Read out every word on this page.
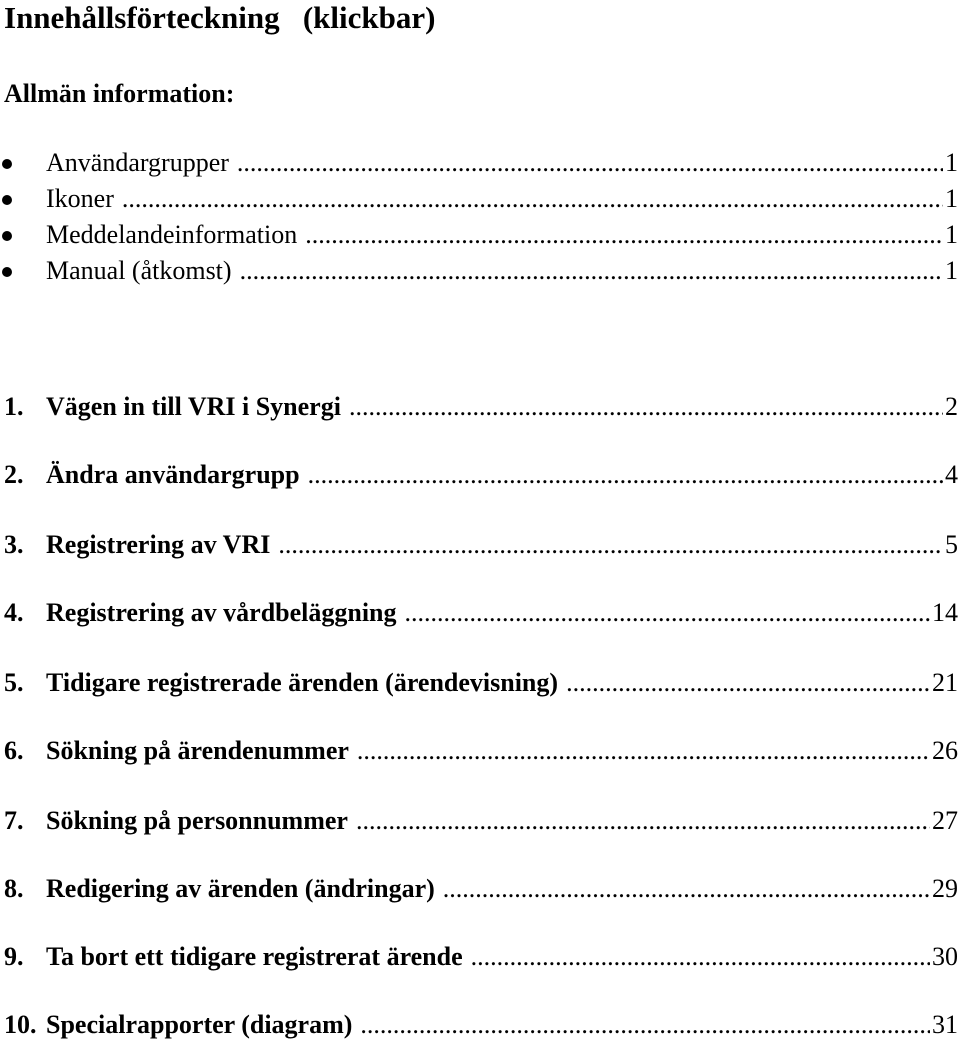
Innehållsförteckning   (klickbar)
Allmän information:
Användargrupper .....	1
Ikoner .....	1
Meddelandeinformation .....	1
Manual (åtkomst) .....	1
1. Vägen in till VRI i Synergi .....	2
2. Ändra användargrupp .....	4
3. Registrering av VRI .....	5
4. Registrering av vårdbeläggning .....	14
5. Tidigare registrerade ärenden (ärendevisning) .....	21
6. Sökning på ärendenummer .....	26
7. Sökning på personnummer .....	27
8. Redigering av ärenden (ändringar) .....	29
9. Ta bort ett tidigare registrerat ärende .....	30
10. Specialrapporter (diagram) .....	31
